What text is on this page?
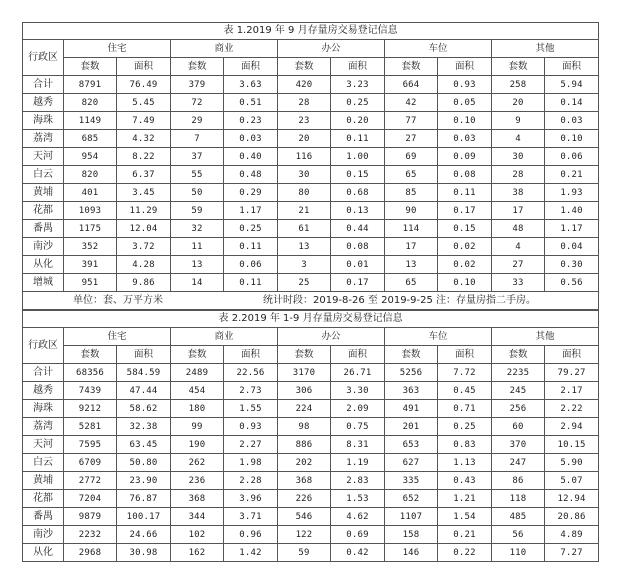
表 1.2019 年 9 月存量房交易登记信息										
行政区	住宅		商业		办公		车位		其他	
	套数	面积	套数	面积	套数	面积	套数	面积	套数	面积
合计	8791	76.49	379	3.63	420	3.23	664	0.93	258	5.94
越秀	820	5.45	72	0.51	28	0.25	42	0.05	20	0.14
海珠	1149	7.49	29	0.23	23	0.20	77	0.10	9	0.03
荔湾	685	4.32	7	0.03	20	0.11	27	0.03	4	0.10
天河	954	8.22	37	0.40	116	1.00	69	0.09	30	0.06
白云	820	6.37	55	0.48	30	0.15	65	0.08	28	0.21
黄埔	401	3.45	50	0.29	80	0.68	85	0.11	38	1.93
花都	1093	11.29	59	1.17	21	0.13	90	0.17	17	1.40
番禺	1175	12.04	32	0.25	61	0.44	114	0.15	48	1.17
南沙	352	3.72	11	0.11	13	0.08	17	0.02	4	0.04
从化	391	4.28	13	0.06	3	0.01	13	0.02	27	0.30
增城	951	9.86	14	0.11	25	0.17	65	0.10	33	0.56
单位：套、万平方米 统计时段：2019-8-26 至 2019-9-25 注：存量房指二手房。										
表 2.2019 年 1-9 月存量房交易登记信息										
行政区	住宅		商业		办公		车位		其他	
	套数	面积	套数	面积	套数	面积	套数	面积	套数	面积
合计	68356	584.59	2489	22.56	3170	26.71	5256	7.72	2235	79.27
越秀	7439	47.44	454	2.73	306	3.30	363	0.45	245	2.17
海珠	9212	58.62	180	1.55	224	2.09	491	0.71	256	2.22
荔湾	5281	32.38	99	0.93	98	0.75	201	0.25	60	2.94
天河	7595	63.45	190	2.27	886	8.31	653	0.83	370	10.15
白云	6709	50.80	262	1.98	202	1.19	627	1.13	247	5.90
黄埔	2772	23.90	236	2.28	368	2.83	335	0.43	86	5.07
花都	7204	76.87	368	3.96	226	1.53	652	1.21	118	12.94
番禺	9879	100.17	344	3.71	546	4.62	1107	1.54	485	20.86
南沙	2232	24.66	102	0.96	122	0.69	158	0.21	56	4.89
从化	2968	30.98	162	1.42	59	0.42	146	0.22	110	7.27
